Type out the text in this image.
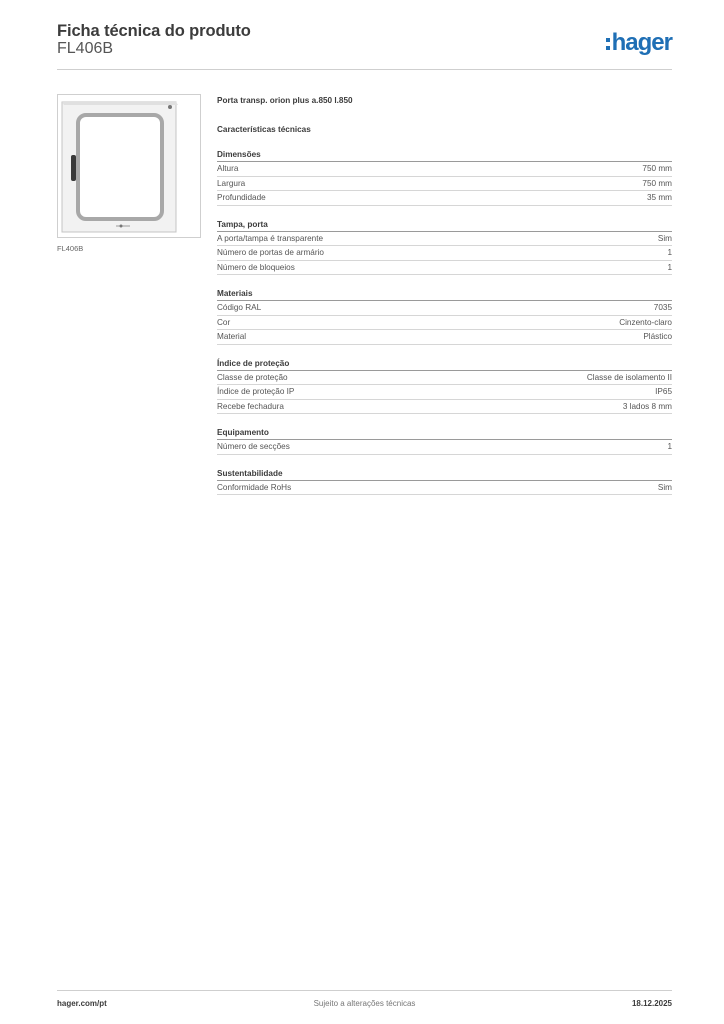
Ficha técnica do produto
FL406B	hager
FL406B
Porta transp. orion plus a.850 l.850
Características técnicas
Dimensões
Altura	750 mm
Largura	750 mm
Profundidade	35 mm
Tampa, porta
A porta/tampa é transparente	Sim
Número de portas de armário	1
Número de bloqueios	1
Materiais
Código RAL	7035
Cor	Cinzento-claro
Material	Plástico
Índice de proteção
Classe de proteção	Classe de isolamento II
Índice de proteção IP	IP65
Recebe fechadura	3 lados 8 mm
Equipamento
Número de secções	1
Sustentabilidade
Conformidade RoHs	Sim
hager.com/pt	Sujeito a alterações técnicas	18.12.2025
